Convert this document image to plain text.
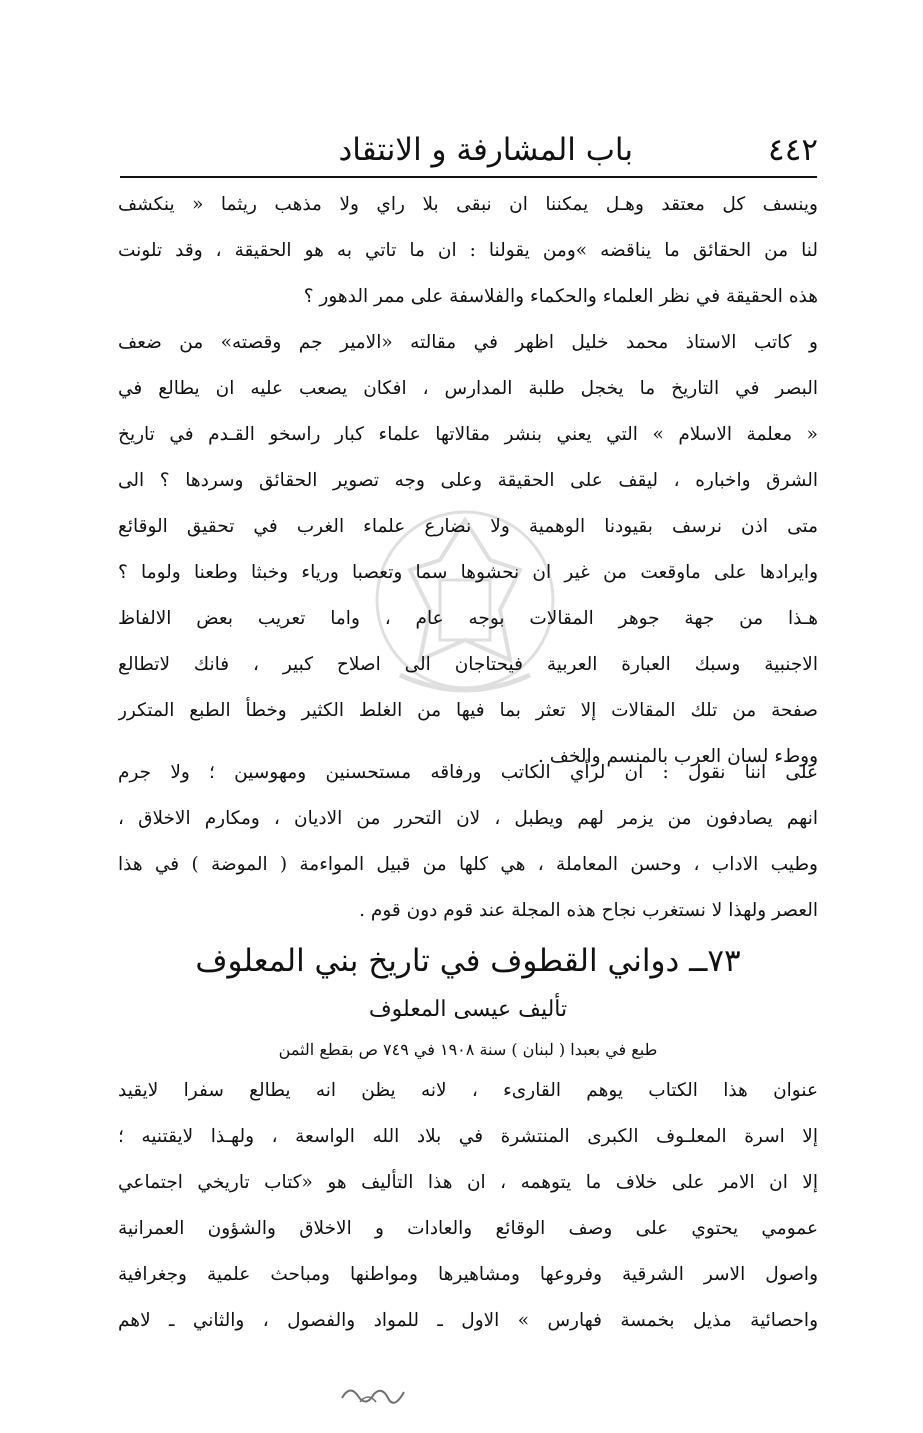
٤٤٢
باب المشارفة و الانتقاد
وينسف كل معتقد وهـل يمكننا ان نبقى بلا راي ولا مذهب ريثما « ينكشف
لنا من الحقائق ما يناقضه »ومن يقولنا : ان ما تاتي به هو الحقيقة ، وقد تلونت
هذه الحقيقة في نظر العلماء والحكماء والفلاسفة على ممر الدهور ؟
و كاتب الاستاذ محمد خليل اظهر في مقالته «الامير جم وقصته» من ضعف
البصر في التاريخ ما يخجل طلبة المدارس ، افكان يصعب عليه ان يطالع في
« معلمة الاسلام » التي يعني بنشر مقالاتها علماء كبار راسخو القـدم في تاريخ
الشرق واخباره ، ليقف على الحقيقة وعلى وجه تصوير الحقائق وسردها ؟ الى
متى اذن نرسف بقيودنا الوهمية ولا نضارع علماء الغرب في تحقيق الوقائع
وايرادها على ماوقعت من غير ان نحشوها سما وتعصبا ورياء وخبثا وطعنا ولوما ؟
هـذا من جهة جوهر المقالات بوجه عام ، واما تعريب بعض الالفاظ
الاجنبية وسبك العبارة العربية فيحتاجان الى اصلاح كبير ، فانك لاتطالع
صفحة من تلك المقالات إلا تعثر بما فيها من الغلط الكثير وخطأ الطبع المتكرر
ووطء لسان العرب بالمنسم والخف .
على اننا نقول : ان لرأي الكاتب ورفاقه مستحسنين ومهوسين ؛ ولا جرم
انهم يصادفون من يزمر لهم ويطبل ، لان التحرر من الاديان ، ومكارم الاخلاق ،
وطيب الاداب ، وحسن المعاملة ، هي كلها من قبيل المواءمة ( الموضة ) في هذا
العصر ولهذا لا نستغرب نجاح هذه المجلة عند قوم دون قوم .
٧٣ــ دواني القطوف في تاريخ بني المعلوف
تأليف عيسى المعلوف
طبع في بعبدا ( لبنان ) سنة ١٩٠٨ في ٧٤٩ ص بقطع الثمن
عنوان هذا الكتاب يوهم القارىء ، لانه يظن انه يطالع سفرا لايقيد
إلا اسرة المعلـوف الكبرى المنتشرة في بلاد الله الواسعة ، ولهـذا لايقتنيه ؛
إلا ان الامر على خلاف ما يتوهمه ، ان هذا التأليف هو «كتاب تاريخي اجتماعي
عمومي يحتوي على وصف الوقائع والعادات و الاخلاق والشؤون العمرانية
واصول الاسر الشرقية وفروعها ومشاهيرها ومواطنها ومباحث علمية وجغرافية
واحصائية مذيل بخمسة فهارس » الاول ـ للمواد والفصول ، والثاني ـ لاهم
